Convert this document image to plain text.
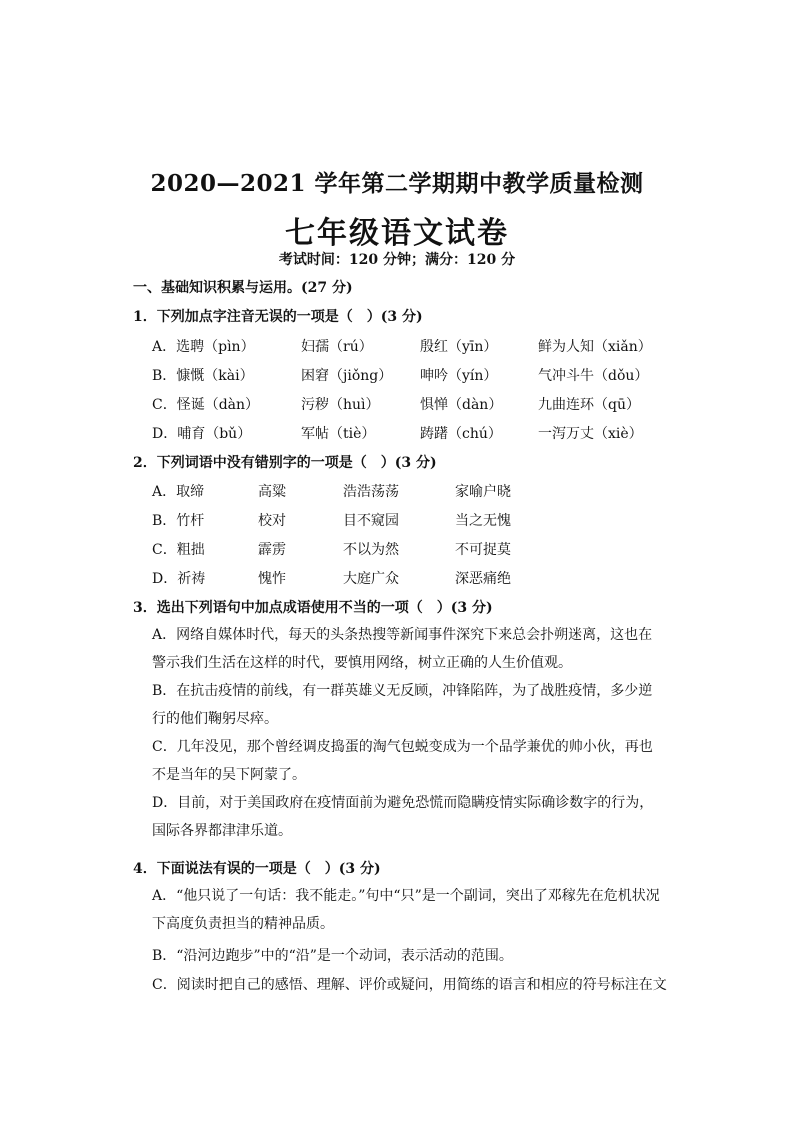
2020—2021 学年第二学期期中教学质量检测
七年级语文试卷
考试时间：120 分钟；满分：120 分
一、基础知识积累与运用。(27 分)
1．下列加点字注音无误的一项是（　）(3 分)
A．选聘（pìn）	妇孺（rú）	殷红（yīn）	鲜为人知（xiǎn）
B．慷慨（kài）	困窘（jiǒng） 呻吟（yín）	气冲斗牛（dǒu）
C．怪诞（dàn）	污秽（huì）	惧惮（dàn）	九曲连环（qū）
D．哺育（bǔ）	军帖（tiè）	踌躇（chú）	一泻万丈（xiè）
2．下列词语中没有错别字的一项是（　）(3 分)
A．取缔	高粱	浩浩荡荡	家喻户晓
B．竹杆	校对	目不窥园	当之无愧
C．粗拙	霹雳	不以为然	不可捉莫
D．祈祷	愧怍	大庭广众	深恶痛绝
3．选出下列语句中加点成语使用不当的一项（　）(3 分)
A．网络自媒体时代，每天的头条热搜等新闻事件深究下来总会扑朔迷离，这也在警示我们生活在这样的时代，要慎用网络，树立正确的人生价值观。
B．在抗击疫情的前线，有一群英雄义无反顾，冲锋陷阵，为了战胜疫情，多少逆行的他们鞠躬尽瘁。
C．几年没见，那个曾经调皮捣蛋的淘气包蜕变成为一个品学兼优的帅小伙，再也不是当年的吴下阿蒙了。
D．目前，对于美国政府在疫情面前为避免恐慌而隐瞒疫情实际确诊数字的行为，国际各界都津津乐道。
4．下面说法有误的一项是（　）(3 分)
A．“他只说了一句话：我不能走。”句中“只”是一个副词，突出了邓稼先在危机状况下高度负责担当的精神品质。
B．“沿河边跑步”中的“沿”是一个动词，表示活动的范围。
C．阅读时把自己的感悟、理解、评价或疑问，用简练的语言和相应的符号标注在文
